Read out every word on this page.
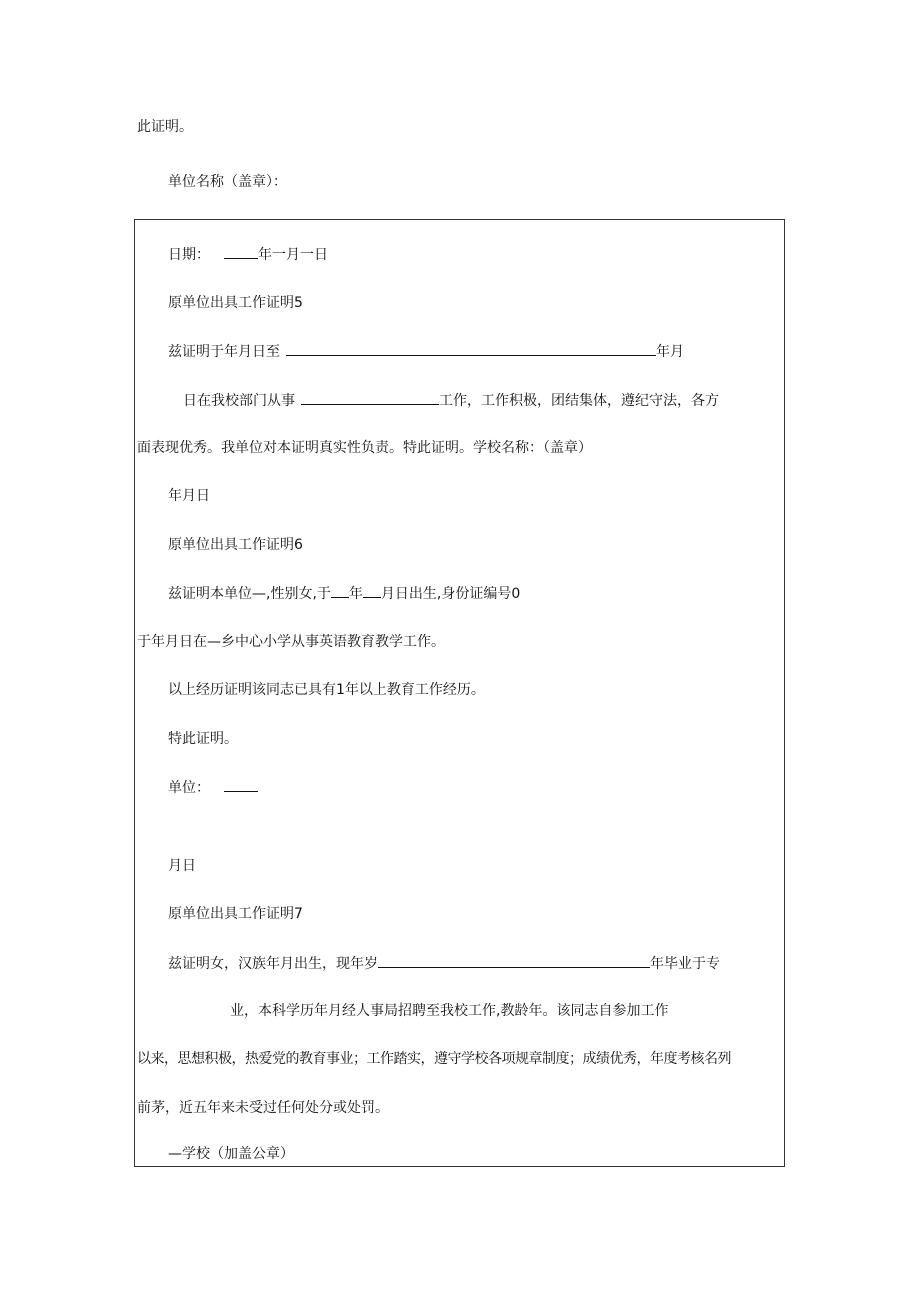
此证明。
单位名称（盖章）：
日期：	年一月一日
原单位出具工作证明5
兹证明于年月日至	年月
日在我校部门从事	工作，工作积极，团结集体，遵纪守法，各方
面表现优秀。我单位对本证明真实性负责。特此证明。学校名称：（盖章）
年月日
原单位出具工作证明6
兹证明本单位—,性别女,于 年 月日出生,身份证编号0
于年月日在—乡中心小学从事英语教育教学工作。
以上经历证明该同志已具有1年以上教育工作经历。
特此证明。
单位：
月日
原单位出具工作证明7
兹证明女，汉族年月出生，现年岁	年毕业于专
业，本科学历年月经人事局招聘至我校工作,教龄年。该同志自参加工作
以来，思想积极，热爱党的教育事业；工作踏实，遵守学校各项规章制度；成绩优秀，年度考核名列
前茅，近五年来未受过任何处分或处罚。
—学校（加盖公章）
